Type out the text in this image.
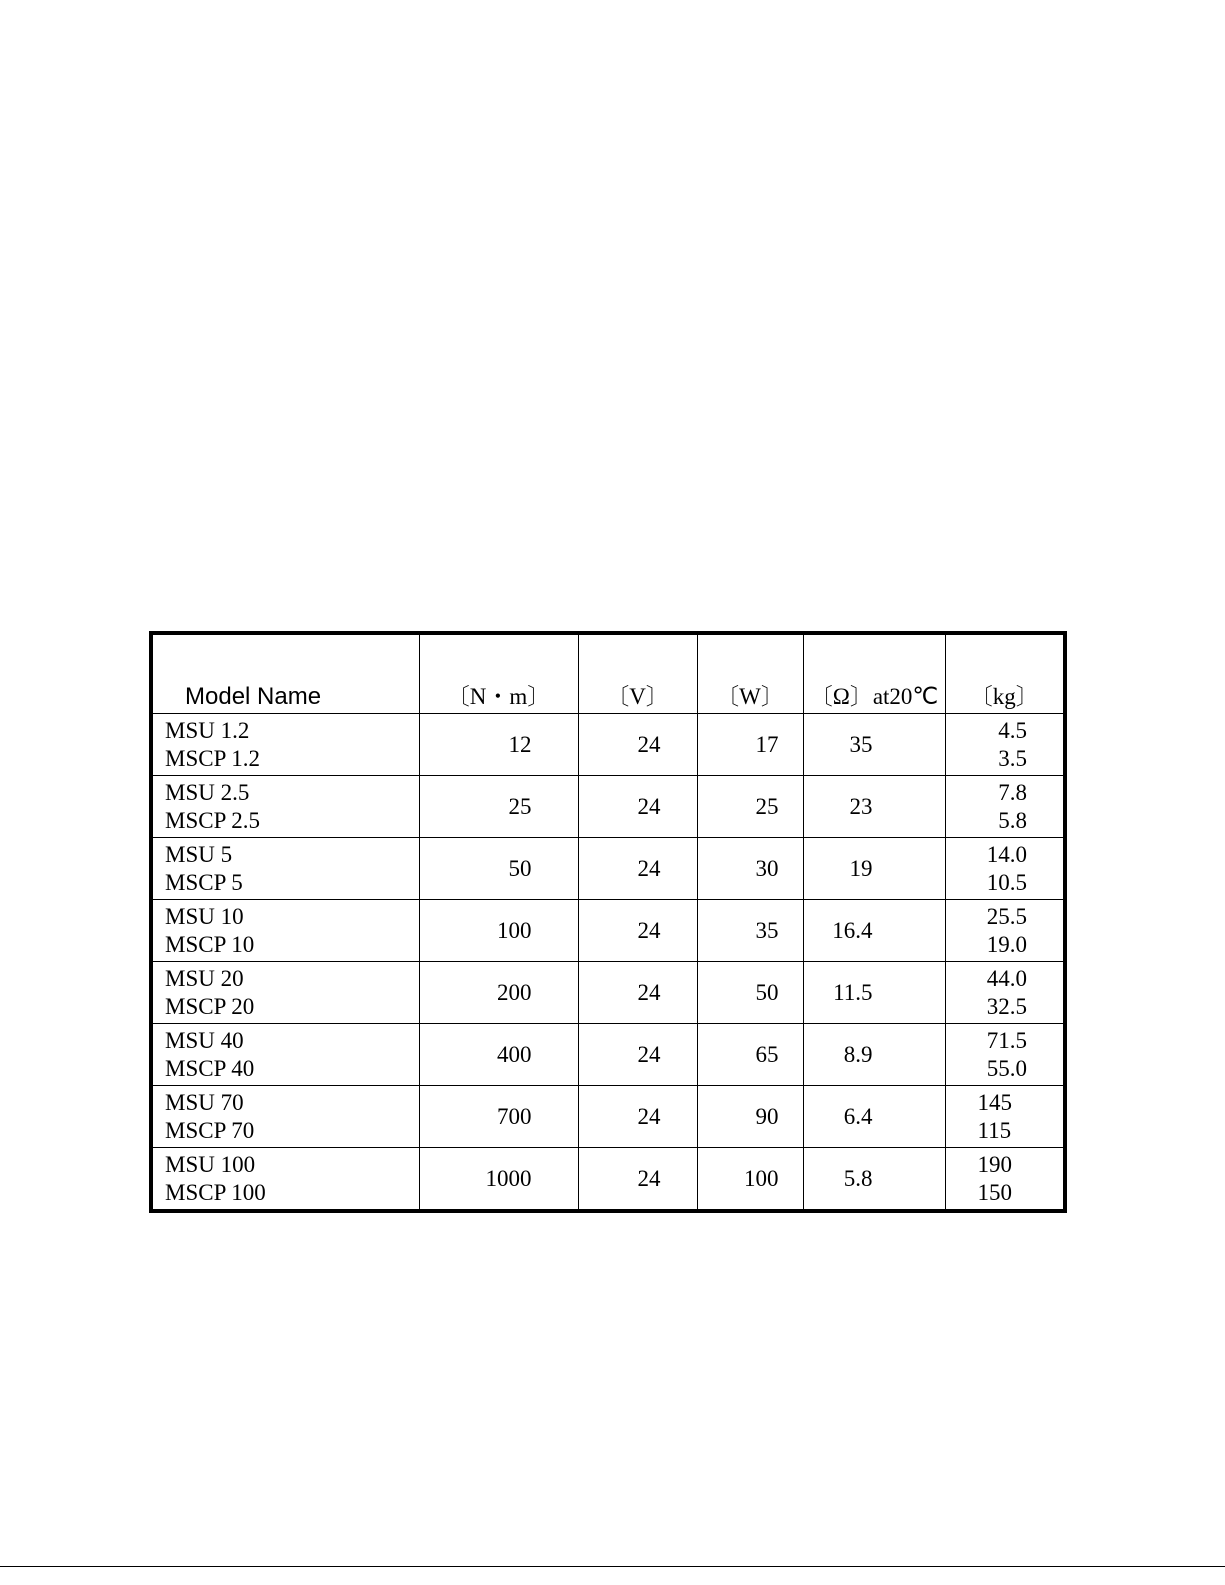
Model Name	〔N・m〕	〔V〕	〔W〕	〔Ω〕at20℃	〔kg〕

MSU 1.2
MSCP 1.2	12	24	17	35	4.5
3.5

MSU 2.5
MSCP 2.5	25	24	25	23	7.8
5.8

MSU 5
MSCP 5	50	24	30	19	14.0
10.5

MSU 10
MSCP 10	100	24	35	16.4	25.5
19.0

MSU 20
MSCP 20	200	24	50	11.5	44.0
32.5

MSU 40
MSCP 40	400	24	65	8.9	71.5
55.0

MSU 70
MSCP 70	700	24	90	6.4	145
115

MSU 100
MSCP 100	1000	24	100	5.8	190
150
